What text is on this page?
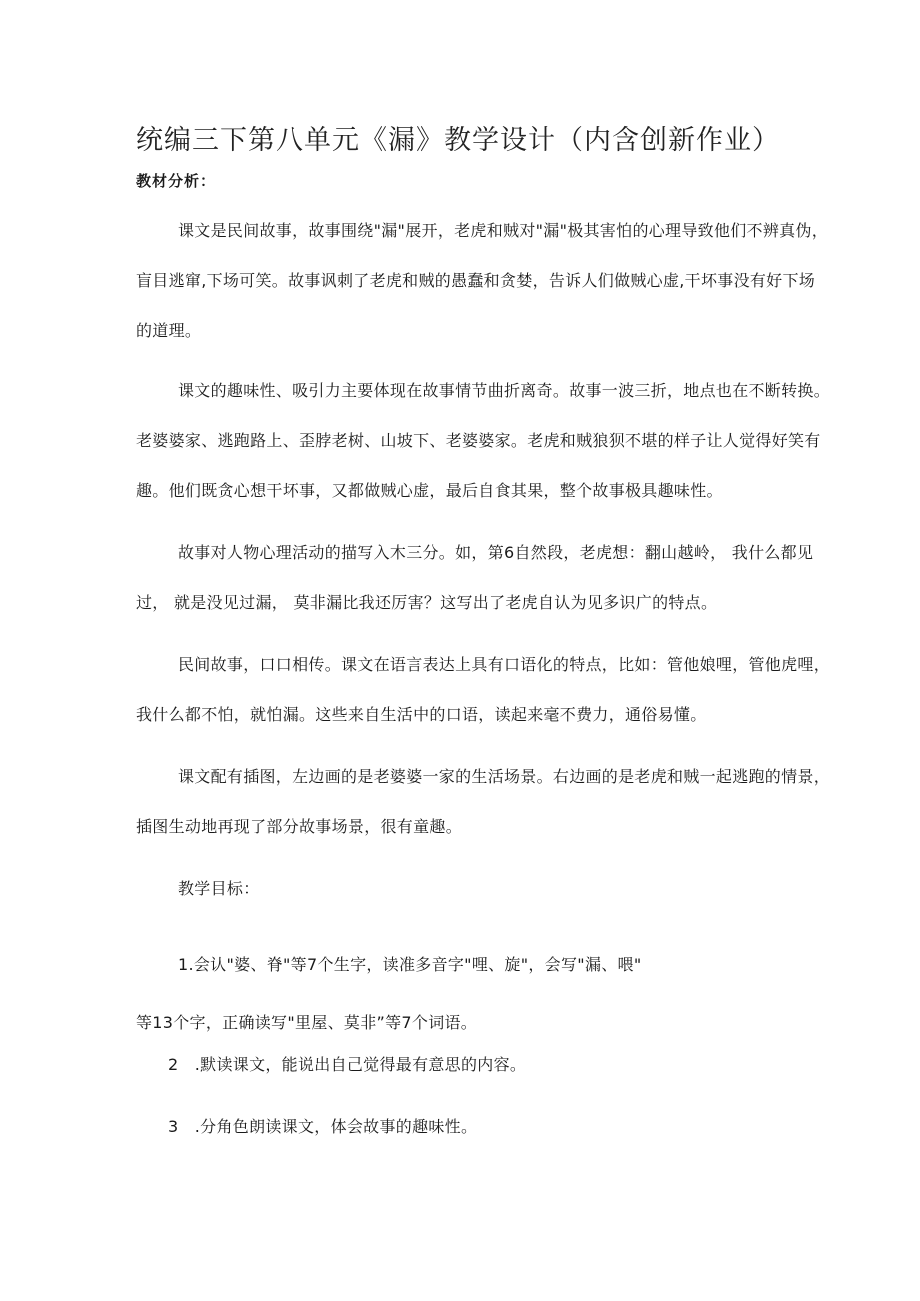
统编三下第八单元《漏》教学设计（内含创新作业）
教材分析：
课文是民间故事，故事围绕"漏"展开，老虎和贼对"漏"极其害怕的心理导致他们不辨真伪，
盲目逃窜,下场可笑。故事讽刺了老虎和贼的愚蠢和贪婪，告诉人们做贼心虚,干坏事没有好下场
的道理。
课文的趣味性、吸引力主要体现在故事情节曲折离奇。故事一波三折，地点也在不断转换。
老婆婆家、逃跑路上、歪脖老树、山坡下、老婆婆家。老虎和贼狼狈不堪的样子让人觉得好笑有
趣。他们既贪心想干坏事，又都做贼心虚，最后自食其果，整个故事极具趣味性。
故事对人物心理活动的描写入木三分。如，第6自然段，老虎想：翻山越岭， 我什么都见
过， 就是没见过漏， 莫非漏比我还厉害？这写出了老虎自认为见多识广的特点。
民间故事，口口相传。课文在语言表达上具有口语化的特点，比如：管他娘哩，管他虎哩，
我什么都不怕，就怕漏。这些来自生活中的口语，读起来毫不费力，通俗易懂。
课文配有插图，左边画的是老婆婆一家的生活场景。右边画的是老虎和贼一起逃跑的情景，
插图生动地再现了部分故事场景，很有童趣。
教学目标：
1.会认"婆、脊"等7个生字，读准多音字"哩、旋"，会写"漏、喂"
等13个字，正确读写"里屋、莫非”等7个词语。
2　.默读课文，能说出自己觉得最有意思的内容。
3　.分角色朗读课文，体会故事的趣味性。
